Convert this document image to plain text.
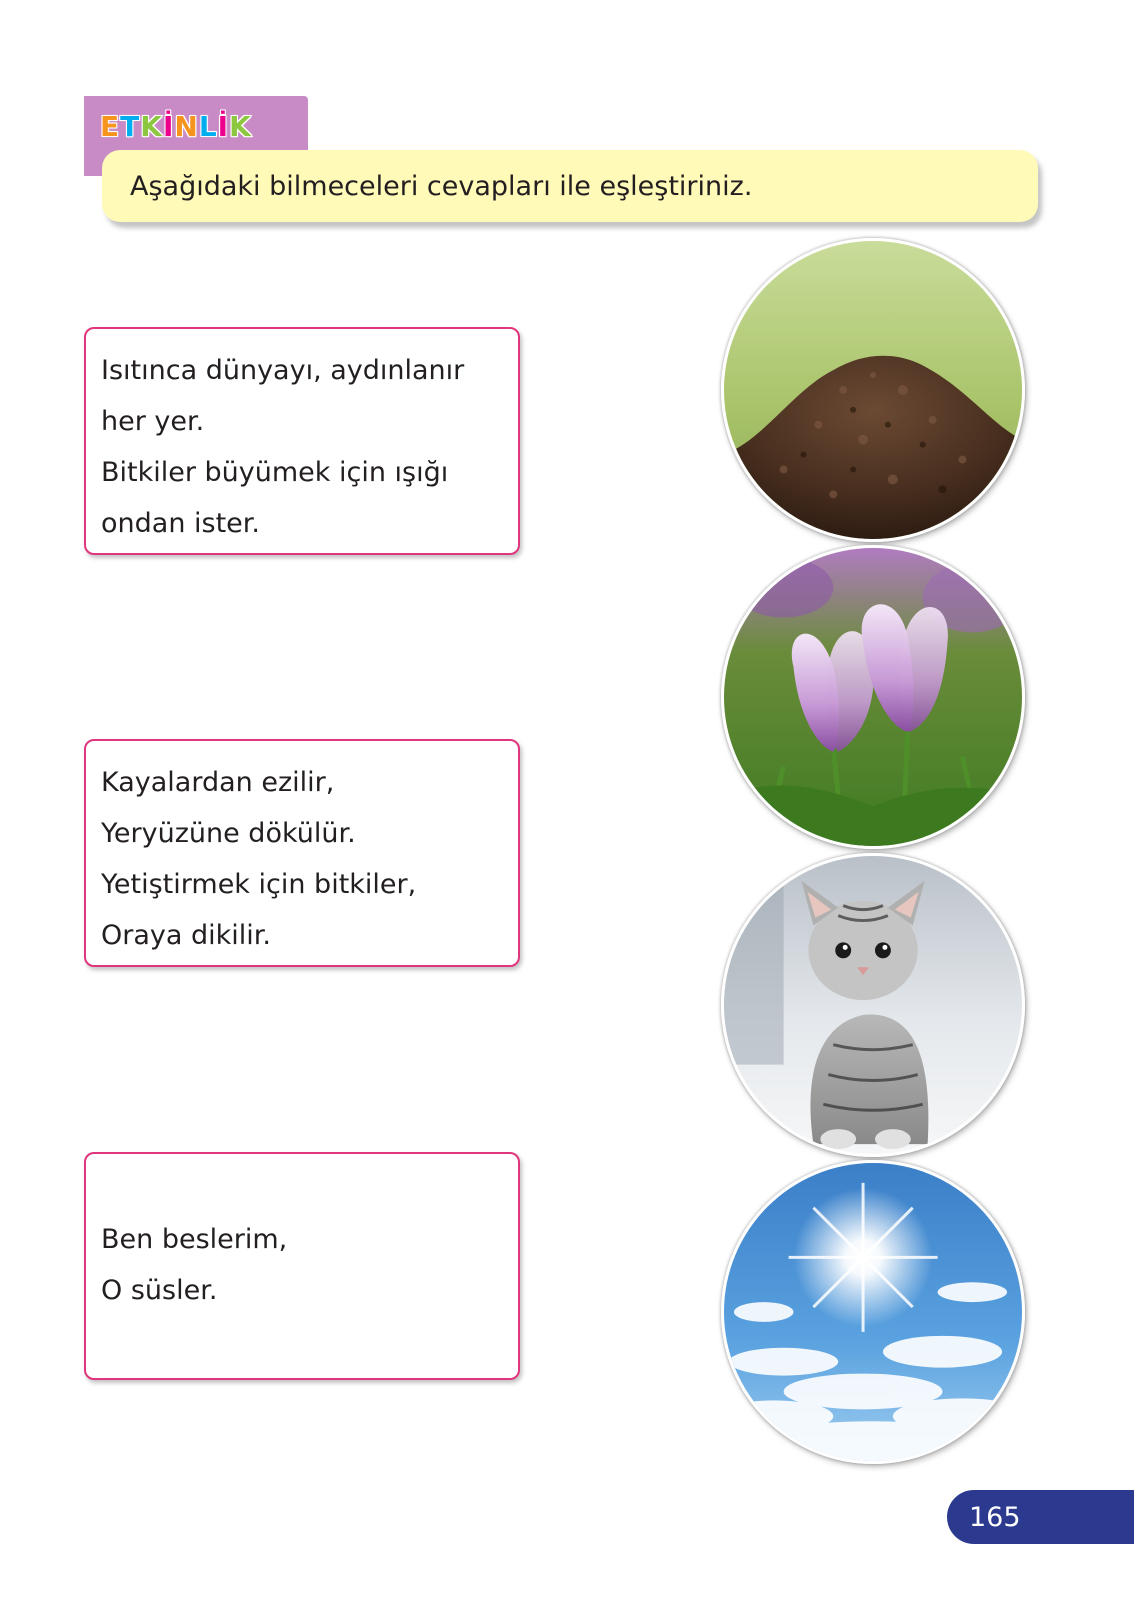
E T K İ N L İ K
Aşağıdaki bilmeceleri cevapları ile eşleştiriniz.
Isıtınca dünyayı, aydınlanır
her yer.
Bitkiler büyümek için ışığı
ondan ister.
Kayalardan ezilir,
Yeryüzüne dökülür.
Yetiştirmek için bitkiler,
Oraya dikilir.
Ben beslerim,
O süsler.
165
